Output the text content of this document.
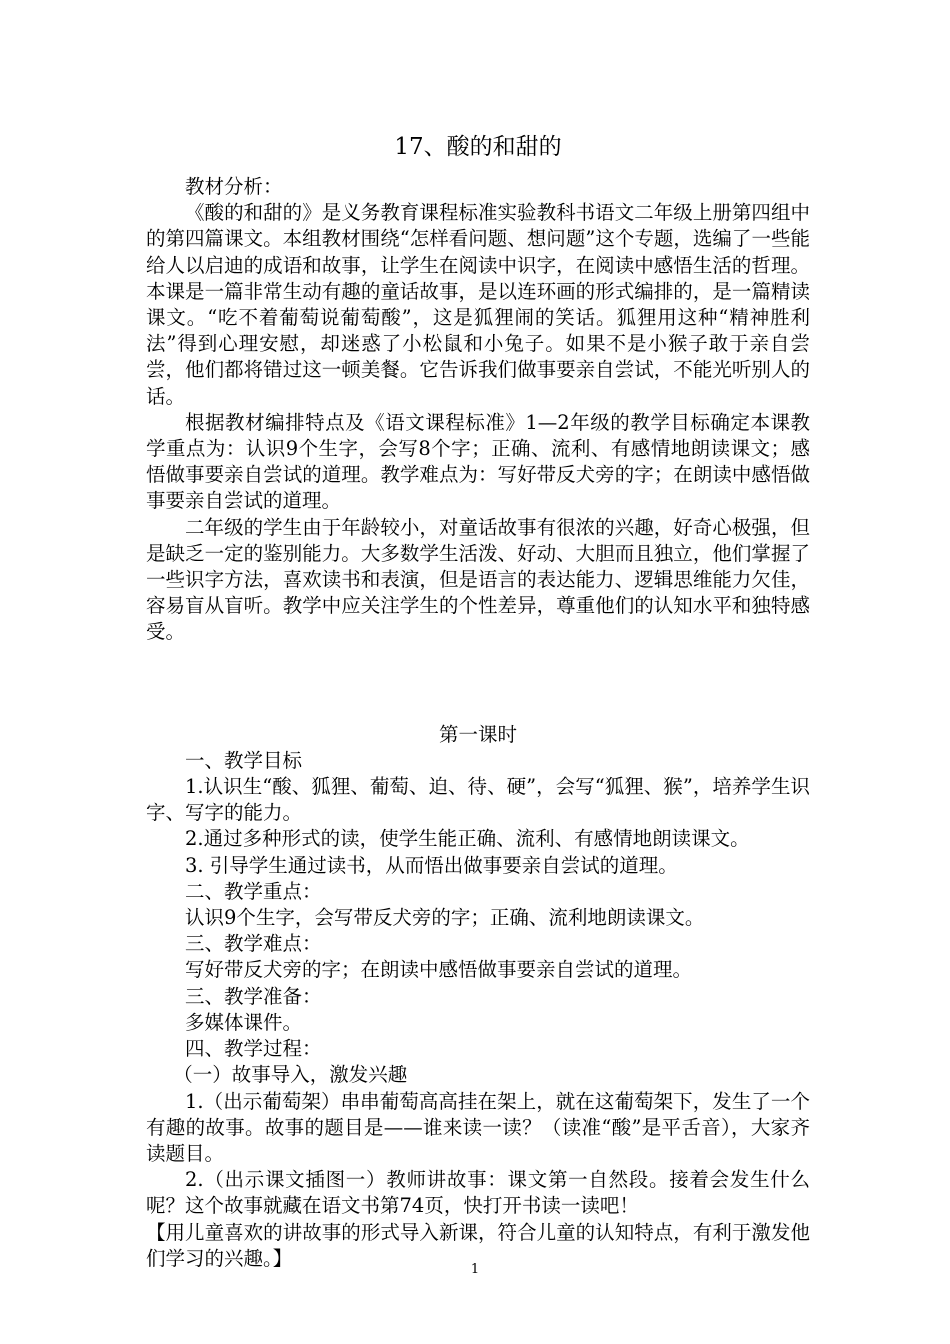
17、酸的和甜的

教材分析：

《酸的和甜的》是义务教育课程标准实验教科书语文二年级上册第四组中的第四篇课文。本组教材围绕“怎样看问题、想问题”这个专题，选编了一些能给人以启迪的成语和故事，让学生在阅读中识字，在阅读中感悟生活的哲理。本课是一篇非常生动有趣的童话故事，是以连环画的形式编排的，是一篇精读课文。“吃不着葡萄说葡萄酸”，这是狐狸闹的笑话。狐狸用这种“精神胜利法”得到心理安慰，却迷惑了小松鼠和小兔子。如果不是小猴子敢于亲自尝尝，他们都将错过这一顿美餐。它告诉我们做事要亲自尝试，不能光听别人的话。

根据教材编排特点及《语文课程标准》1—2年级的教学目标确定本课教学重点为：认识9个生字，会写8个字；正确、流利、有感情地朗读课文；感悟做事要亲自尝试的道理。教学难点为：写好带反犬旁的字；在朗读中感悟做事要亲自尝试的道理。

二年级的学生由于年龄较小，对童话故事有很浓的兴趣，好奇心极强，但是缺乏一定的鉴别能力。大多数学生活泼、好动、大胆而且独立，他们掌握了一些识字方法，喜欢读书和表演，但是语言的表达能力、逻辑思维能力欠佳，容易盲从盲听。教学中应关注学生的个性差异，尊重他们的认知水平和独特感受。

第一课时

一、教学目标

1.认识生“酸、狐狸、葡萄、迫、待、硬”，会写“狐狸、猴”，培养学生识字、写字的能力。

2.通过多种形式的读，使学生能正确、流利、有感情地朗读课文。

3. 引导学生通过读书，从而悟出做事要亲自尝试的道理。

二、教学重点：

认识9个生字，会写带反犬旁的字；正确、流利地朗读课文。

三、教学难点：

写好带反犬旁的字；在朗读中感悟做事要亲自尝试的道理。

三、教学准备：

多媒体课件。

四、教学过程：

（一）故事导入，激发兴趣

1.（出示葡萄架）串串葡萄高高挂在架上，就在这葡萄架下，发生了一个有趣的故事。故事的题目是——谁来读一读？（读准“酸”是平舌音），大家齐读题目。

2.（出示课文插图一）教师讲故事：课文第一自然段。接着会发生什么呢？这个故事就藏在语文书第74页，快打开书读一读吧！

【用儿童喜欢的讲故事的形式导入新课，符合儿童的认知特点，有利于激发他们学习的兴趣。】	1
